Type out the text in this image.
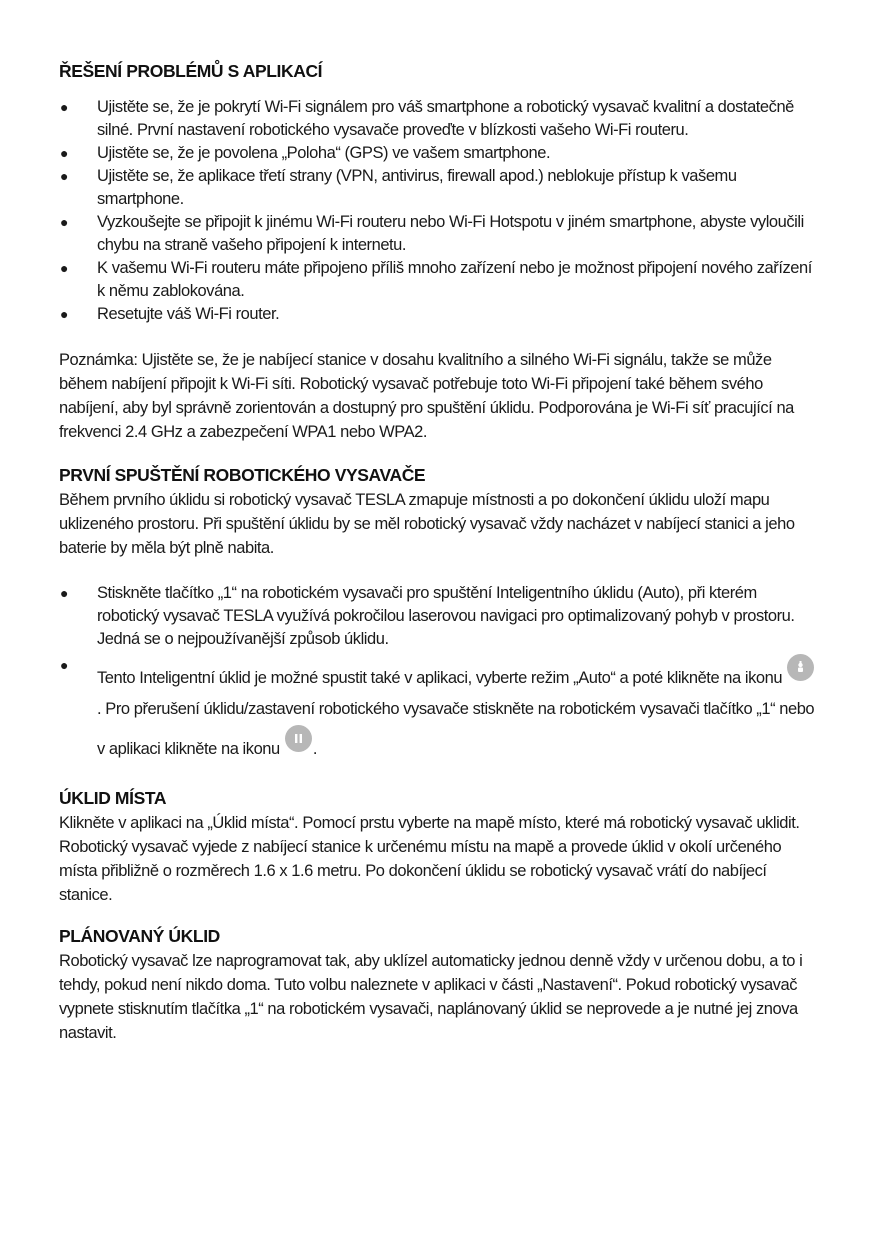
ŘEŠENÍ PROBLÉMŮ S APLIKACÍ
● Ujistěte se, že je pokrytí Wi-Fi signálem pro váš smartphone a robotický vysavač kvalitní a dostatečně silné. První nastavení robotického vysavače proveďte v blízkosti vašeho Wi-Fi routeru.
● Ujistěte se, že je povolena „Poloha“ (GPS) ve vašem smartphone.
● Ujistěte se, že aplikace třetí strany (VPN, antivirus, firewall apod.) neblokuje přístup k vašemu smartphone.
● Vyzkoušejte se připojit k jinému Wi-Fi routeru nebo Wi-Fi Hotspotu v jiném smartphone, abyste vyloučili chybu na straně vašeho připojení k internetu.
● K vašemu Wi-Fi routeru máte připojeno příliš mnoho zařízení nebo je možnost připojení nového zařízení k němu zablokována.
● Resetujte váš Wi-Fi router.

Poznámka: Ujistěte se, že je nabíjecí stanice v dosahu kvalitního a silného Wi-Fi signálu, takže se může během nabíjení připojit k Wi-Fi síti. Robotický vysavač potřebuje toto Wi-Fi připojení také během svého nabíjení, aby byl správně zorientován a dostupný pro spuštění úklidu. Podporována je Wi-Fi síť pracující na frekvenci 2.4 GHz a zabezpečení WPA1 nebo WPA2.

PRVNÍ SPUŠTĚNÍ ROBOTICKÉHO VYSAVAČE

Během prvního úklidu si robotický vysavač TESLA zmapuje místnosti a po dokončení úklidu uloží mapu uklizeného prostoru. Při spuštění úklidu by se měl robotický vysavač vždy nacházet v nabíjecí stanici a jeho baterie by měla být plně nabita.

● Stiskněte tlačítko „1“ na robotickém vysavači pro spuštění Inteligentního úklidu (Auto), při kterém robotický vysavač TESLA využívá pokročilou laserovou navigaci pro optimalizovaný pohyb v prostoru. Jedná se o nejpoužívanější způsob úklidu.
●
Tento Inteligentní úklid je možné spustit také v aplikaci, vyberte režim „Auto“ a poté klikněte na ikonu
. Pro přerušení úklidu/zastavení robotického vysavače stiskněte na robotickém vysavači tlačítko „1“ nebo v aplikaci klikněte na ikonu .
ÚKLID MÍSTA

Klikněte v aplikaci na „Úklid místa“. Pomocí prstu vyberte na mapě místo, které má robotický vysavač uklidit. Robotický vysavač vyjede z nabíjecí stanice k určenému místu na mapě a provede úklid v okolí určeného místa přibližně o rozměrech 1.6 x 1.6 metru. Po dokončení úklidu se robotický vysavač vrátí do nabíjecí stanice.

PLÁNOVANÝ ÚKLID

Robotický vysavač lze naprogramovat tak, aby uklízel automaticky jednou denně vždy v určenou dobu, a to i tehdy, pokud není nikdo doma. Tuto volbu naleznete v aplikaci v části „Nastavení“. Pokud robotický vysavač vypnete stisknutím tlačítka „1“ na robotickém vysavači, naplánovaný úklid se neprovede a je nutné jej znova nastavit.
